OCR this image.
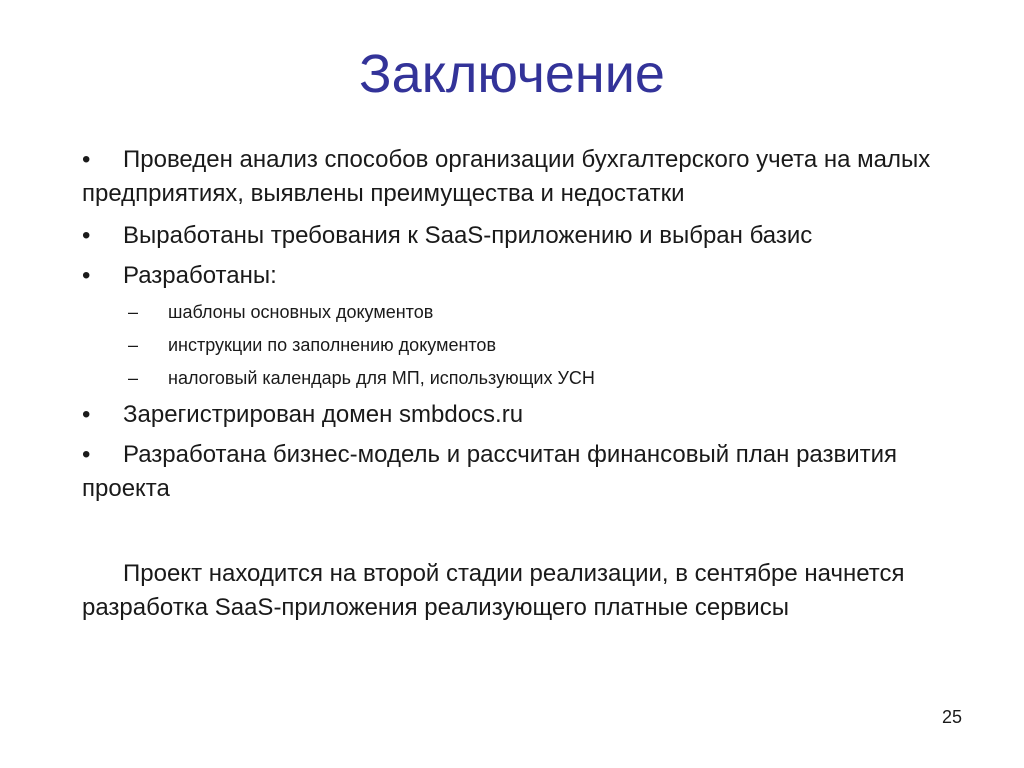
Заключение
•	Проведен анализ способов организации бухгалтерского учета на малых предприятиях, выявлены преимущества и недостатки
•	Выработаны требования к SaaS-приложению и выбран базис
•	Разработаны:
–	шаблоны основных документов
–	инструкции по заполнению документов
–	налоговый календарь для МП, использующих УСН
•	Зарегистрирован домен smbdocs.ru
•	Разработана бизнес-модель и рассчитан финансовый план развития проекта
Проект находится на второй стадии реализации, в сентябре начнется разработка SaaS-приложения реализующего платные сервисы
25
